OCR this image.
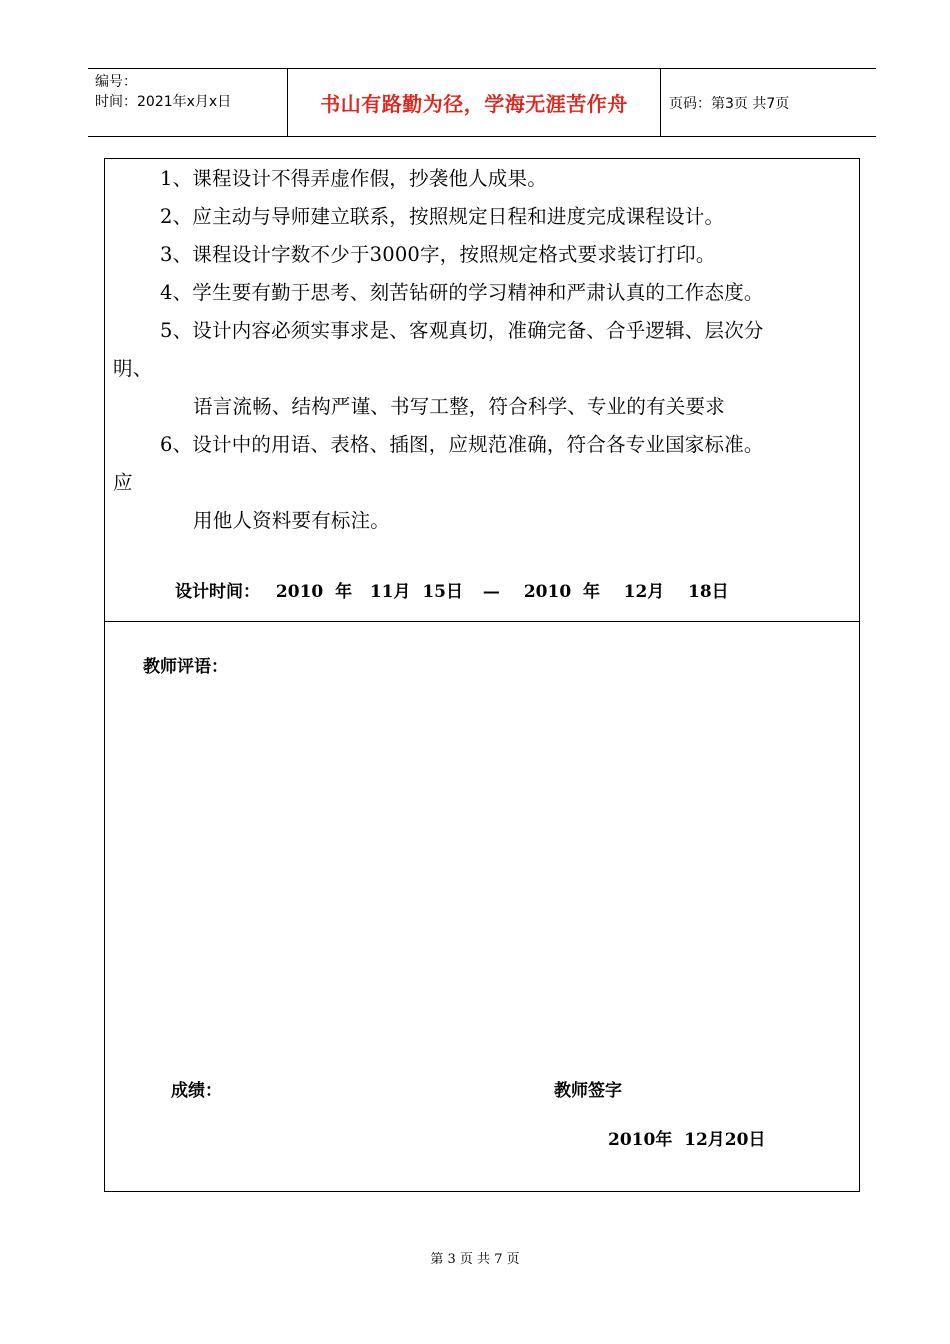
编号：
时间：2021年x月x日	书山有路勤为径，学海无涯苦作舟	页码：第3页 共7页
1、课程设计不得弄虚作假，抄袭他人成果。
2、应主动与导师建立联系，按照规定日程和进度完成课程设计。
3、课程设计字数不少于3000字，按照规定格式要求装订打印。
4、学生要有勤于思考、刻苦钻研的学习精神和严肃认真的工作态度。
5、设计内容必须实事求是、客观真切，准确完备、合乎逻辑、层次分
明、
语言流畅、结构严谨、书写工整，符合科学、专业的有关要求
6、设计中的用语、表格、插图，应规范准确，符合各专业国家标准。
应
用他人资料要有标注。
设计时间： 2010  年   11月  15日 — 2010  年    12月    18日
教师评语：
成绩：	教师签字
2010年  12月20日
第 3 页 共 7 页
